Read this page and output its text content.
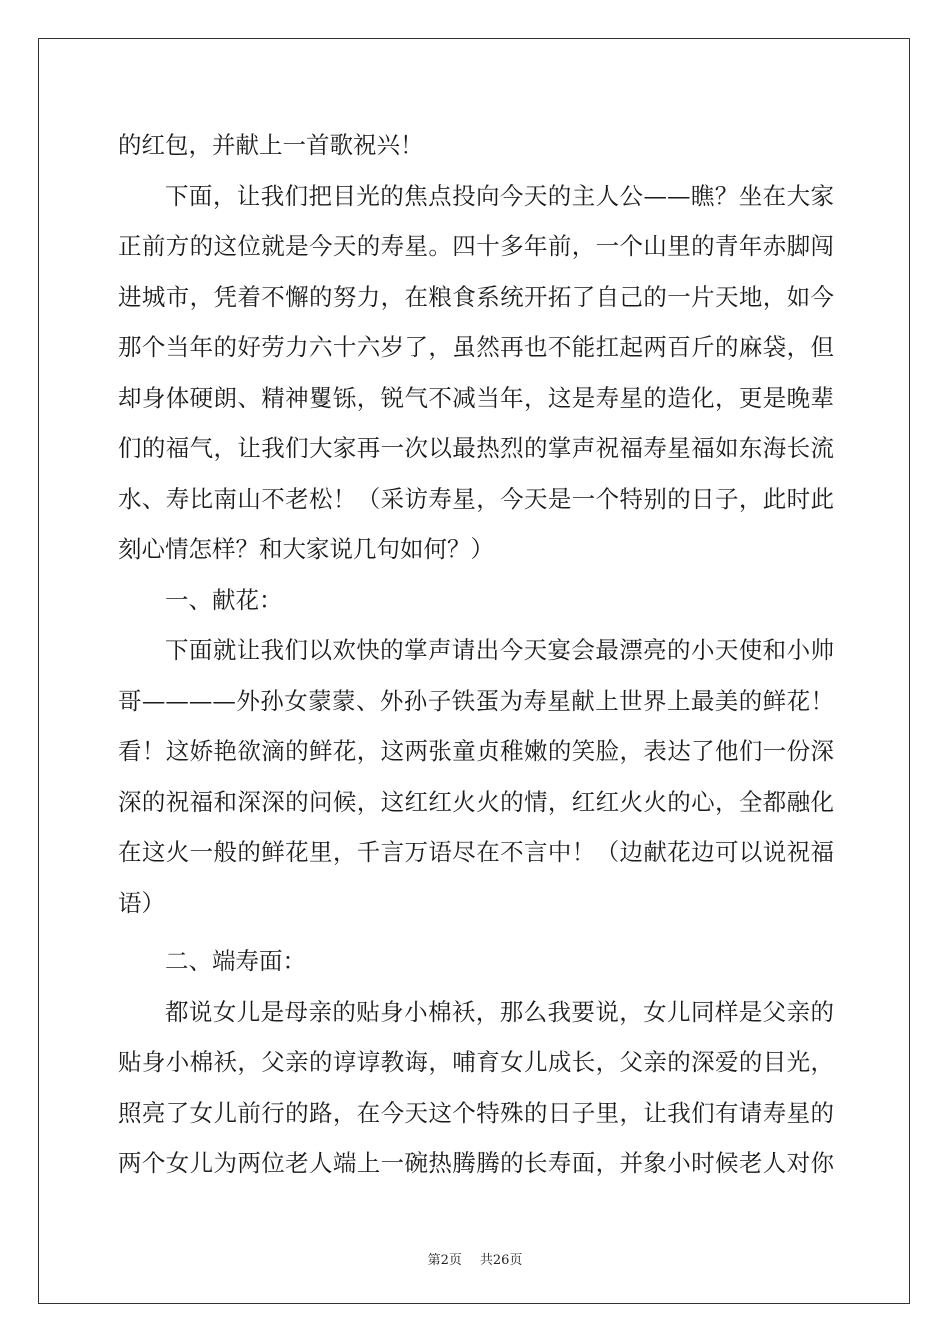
的红包，并献上一首歌祝兴！
下面，让我们把目光的焦点投向今天的主人公——瞧？坐在大家
正前方的这位就是今天的寿星。四十多年前，一个山里的青年赤脚闯
进城市，凭着不懈的努力，在粮食系统开拓了自己的一片天地，如今
那个当年的好劳力六十六岁了，虽然再也不能扛起两百斤的麻袋，但
却身体硬朗、精神矍铄，锐气不减当年，这是寿星的造化，更是晚辈
们的福气，让我们大家再一次以最热烈的掌声祝福寿星福如东海长流
水、寿比南山不老松！（采访寿星，今天是一个特别的日子，此时此
刻心情怎样？和大家说几句如何？）
一、献花：
下面就让我们以欢快的掌声请出今天宴会最漂亮的小天使和小帅
哥————外孙女蒙蒙、外孙子铁蛋为寿星献上世界上最美的鲜花！
看！这娇艳欲滴的鲜花，这两张童贞稚嫩的笑脸，表达了他们一份深
深的祝福和深深的问候，这红红火火的情，红红火火的心，全都融化
在这火一般的鲜花里，千言万语尽在不言中！（边献花边可以说祝福
语）
二、端寿面：
都说女儿是母亲的贴身小棉袄，那么我要说，女儿同样是父亲的
贴身小棉袄，父亲的谆谆教诲，哺育女儿成长，父亲的深爱的目光，
照亮了女儿前行的路，在今天这个特殊的日子里，让我们有请寿星的
两个女儿为两位老人端上一碗热腾腾的长寿面，并象小时候老人对你
第2页 共26页
